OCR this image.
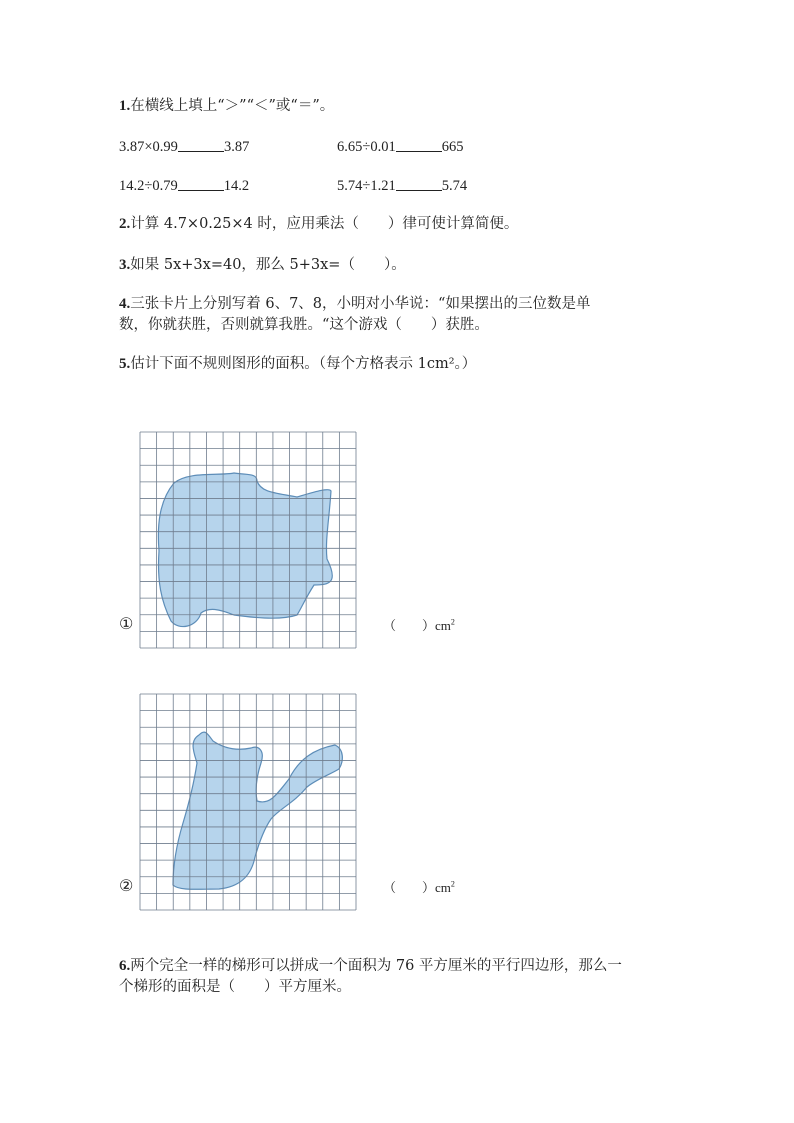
1.在横线上填上“＞”“＜”或“＝”。
3.87×0.99	3.87	6.65÷0.01	665
14.2÷0.79	14.2	5.74÷1.21	5.74
2.计算 4.7×0.25×4 时，应用乘法（　　）律可使计算简便。
3.如果 5x+3x=40，那么 5+3x=（　　）。
4.三张卡片上分别写着 6、7、8，小明对小华说：“如果摆出的三位数是单
数，你就获胜，否则就算我胜。“这个游戏（　　）获胜。
5.估计下面不规则图形的面积。（每个方格表示 1cm²。）
①	（　　）$cm^2$
②	（　　）$cm^2$
6.两个完全一样的梯形可以拼成一个面积为 76 平方厘米的平行四边形，那么一
个梯形的面积是（　　）平方厘米。
